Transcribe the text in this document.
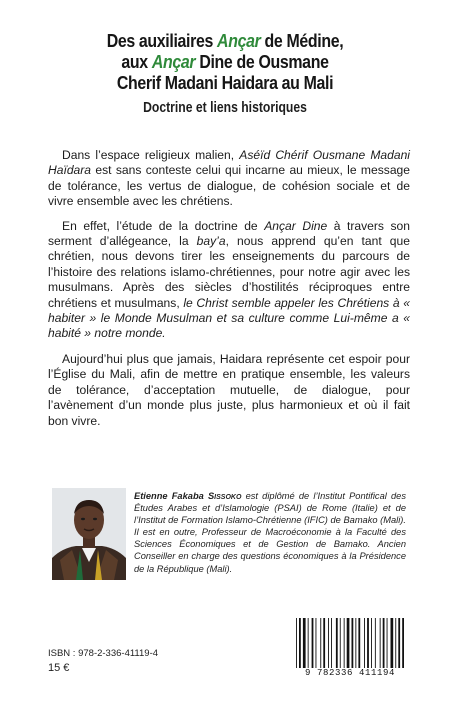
Des auxiliaires Ançar de Médine,
aux Ançar Dine de Ousmane
Cherif Madani Haidara au Mali
Doctrine et liens historiques

Dans l’espace religieux malien, Aséïd Chérif Ousmane Madani Haïdara est sans conteste celui qui incarne au mieux, le message de tolérance, les vertus de dialogue, de cohésion sociale et de vivre ensemble avec les chrétiens.

En effet, l’étude de la doctrine de Ançar Dine à travers son serment d’allégeance, la bay’a, nous apprend qu’en tant que chrétien, nous devons tirer les enseignements du parcours de l’histoire des relations islamo-chrétiennes, pour notre agir avec les musulmans. Après des siècles d’hostilités réciproques entre chrétiens et musulmans, le Christ semble appeler les Chrétiens à « habiter » le Monde Musulman et sa culture comme Lui-même a « habité » notre monde.

Aujourd’hui plus que jamais, Haidara représente cet espoir pour l’Église du Mali, afin de mettre en pratique ensemble, les valeurs de tolérance, d’acceptation mutuelle, de dialogue, pour l’avènement d’un monde plus juste, plus harmonieux et où il fait bon vivre.

Etienne Fakaba Sissoko est diplômé de l’Institut Pontifical des Études Arabes et d’Islamologie (PSAI) de Rome (Italie) et de l’Institut de Formation Islamo-Chrétienne (IFIC) de Bamako (Mali). Il est en outre, Professeur de Macroéconomie à la Faculté des Sciences Économiques et de Gestion de Bamako. Ancien Conseiller en charge des questions économiques à la Présidence de la République (Mali).
ISBN : 978-2-336-41119-4
15 €	9 782336 411194
